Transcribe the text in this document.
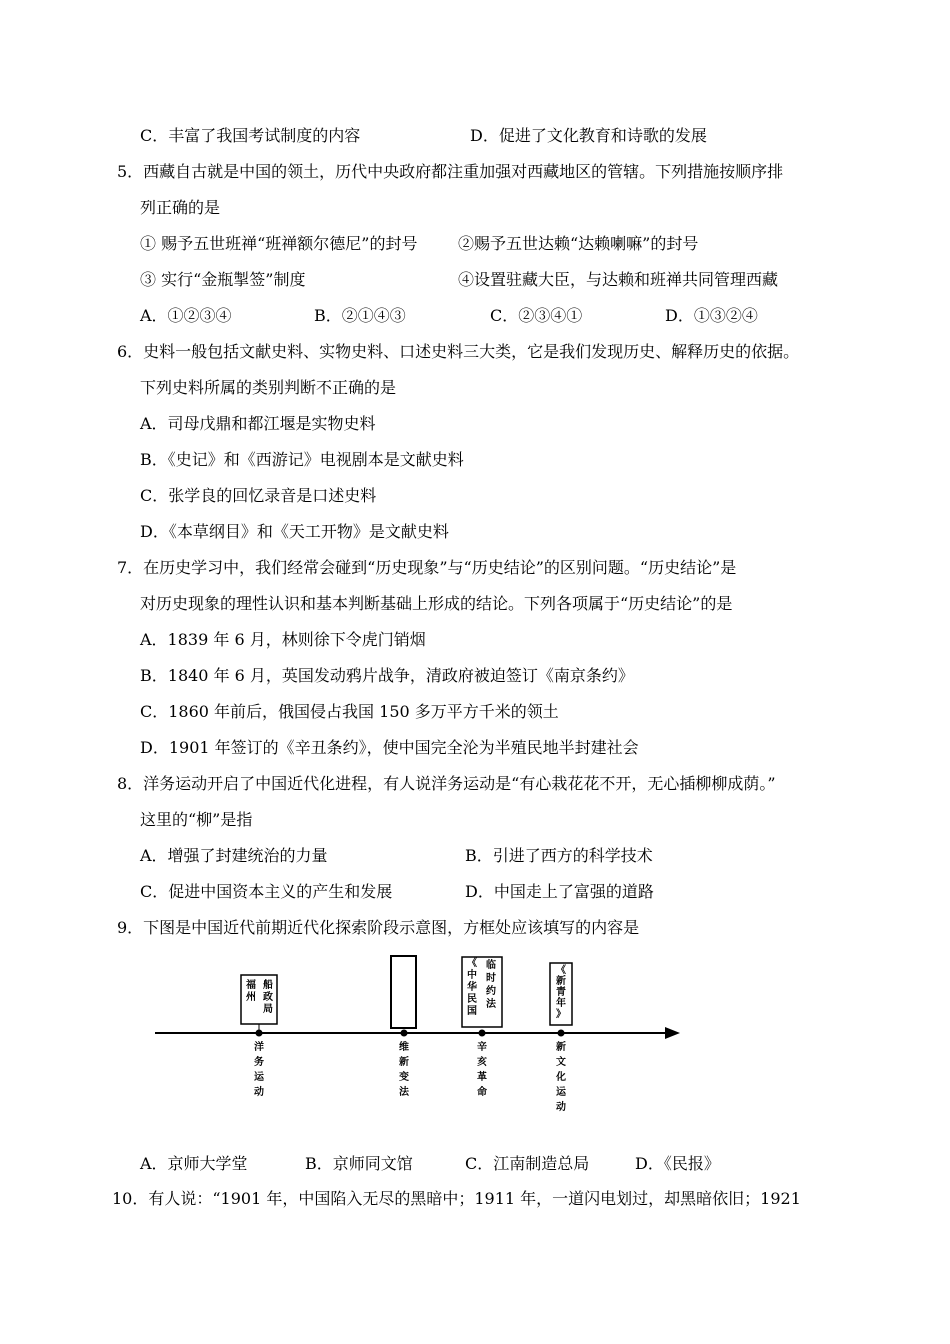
C．丰富了我国考试制度的内容	D．促进了文化教育和诗歌的发展
5．西藏自古就是中国的领土，历代中央政府都注重加强对西藏地区的管辖。下列措施按顺序排
列正确的是
① 赐予五世班禅“班禅额尔德尼”的封号	②赐予五世达赖“达赖喇嘛”的封号
③ 实行“金瓶掣签”制度	④设置驻藏大臣，与达赖和班禅共同管理西藏
A．①②③④	B．②①④③	C．②③④①	D．①③②④
6．史料一般包括文献史料、实物史料、口述史料三大类，它是我们发现历史、解释历史的依据。
下列史料所属的类别判断不正确的是
A．司母戊鼎和都江堰是实物史料
B．《史记》和《西游记》电视剧本是文献史料
C．张学良的回忆录音是口述史料
D．《本草纲目》和《天工开物》是文献史料
7．在历史学习中，我们经常会碰到“历史现象”与“历史结论”的区别问题。“历史结论”是
对历史现象的理性认识和基本判断基础上形成的结论。下列各项属于“历史结论”的是
A．1839 年 6 月，林则徐下令虎门销烟
B．1840 年 6 月，英国发动鸦片战争，清政府被迫签订《南京条约》
C．1860 年前后，俄国侵占我国 150 多万平方千米的领土
D．1901 年签订的《辛丑条约》，使中国完全沦为半殖民地半封建社会
8．洋务运动开启了中国近代化进程，有人说洋务运动是“有心栽花花不开，无心插柳柳成荫。”
这里的“柳”是指
A．增强了封建统治的力量	B．引进了西方的科学技术
C．促进中国资本主义的产生和发展	D．中国走上了富强的道路
9．下图是中国近代前期近代化探索阶段示意图，方框处应该填写的内容是
船政局
福州
临时约法
《中华民国
《新青年》
洋务运动
维新变法
辛亥革命
新文化运动
A．京师大学堂	B．京师同文馆	C．江南制造总局	D．《民报》
10．有人说：“1901 年，中国陷入无尽的黑暗中；1911 年，一道闪电划过，却黑暗依旧；1921
